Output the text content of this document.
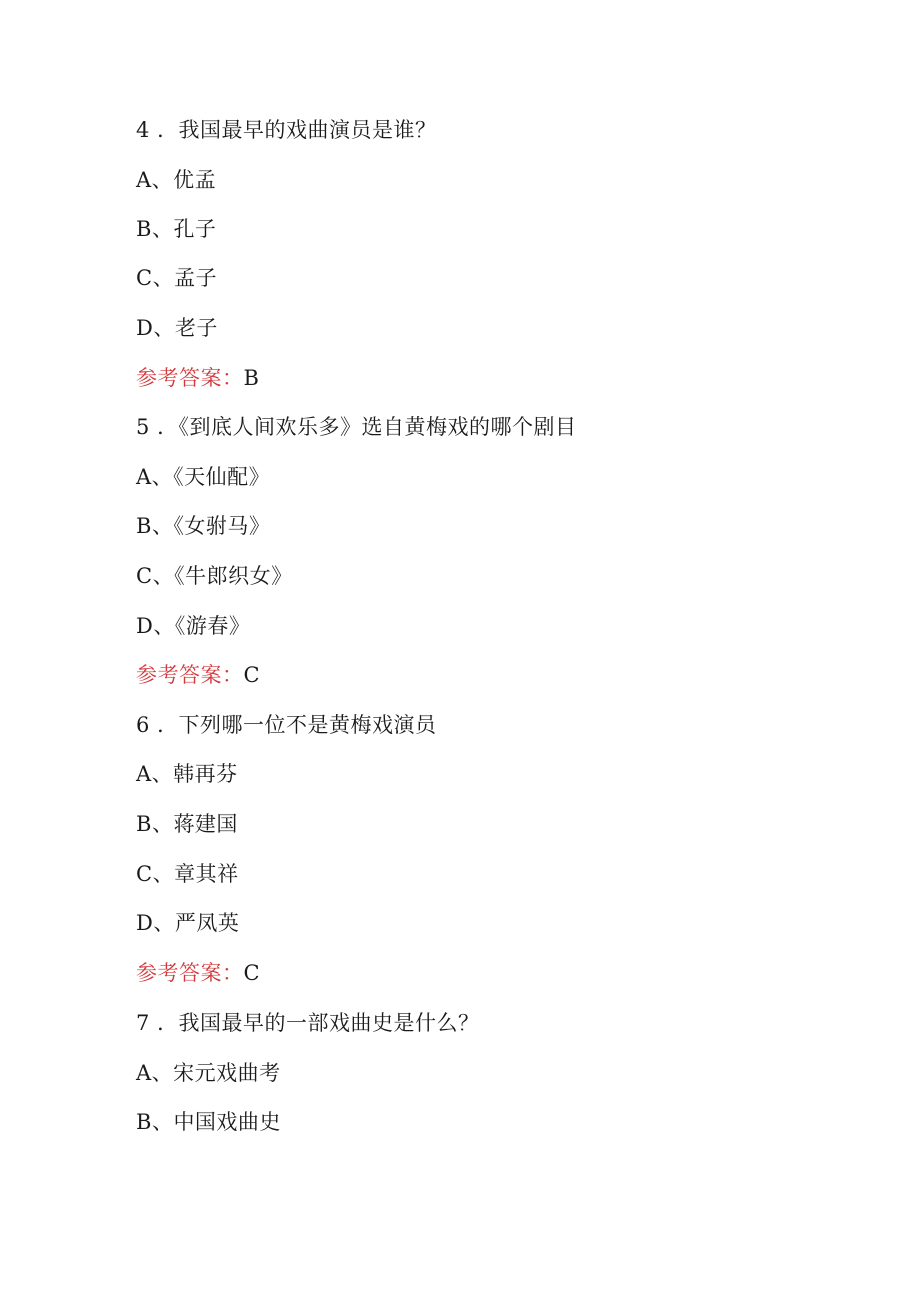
4 ．我国最早的戏曲演员是谁？
A、优孟
B、孔子
C、孟子
D、老子
参考答案：B
5 ．《到底人间欢乐多》选自黄梅戏的哪个剧目
A、《天仙配》
B、《女驸马》
C、《牛郎织女》
D、《游春》
参考答案：C
6 ．下列哪一位不是黄梅戏演员
A、韩再芬
B、蒋建国
C、章其祥
D、严凤英
参考答案：C
7 ．我国最早的一部戏曲史是什么？
A、宋元戏曲考
B、中国戏曲史
